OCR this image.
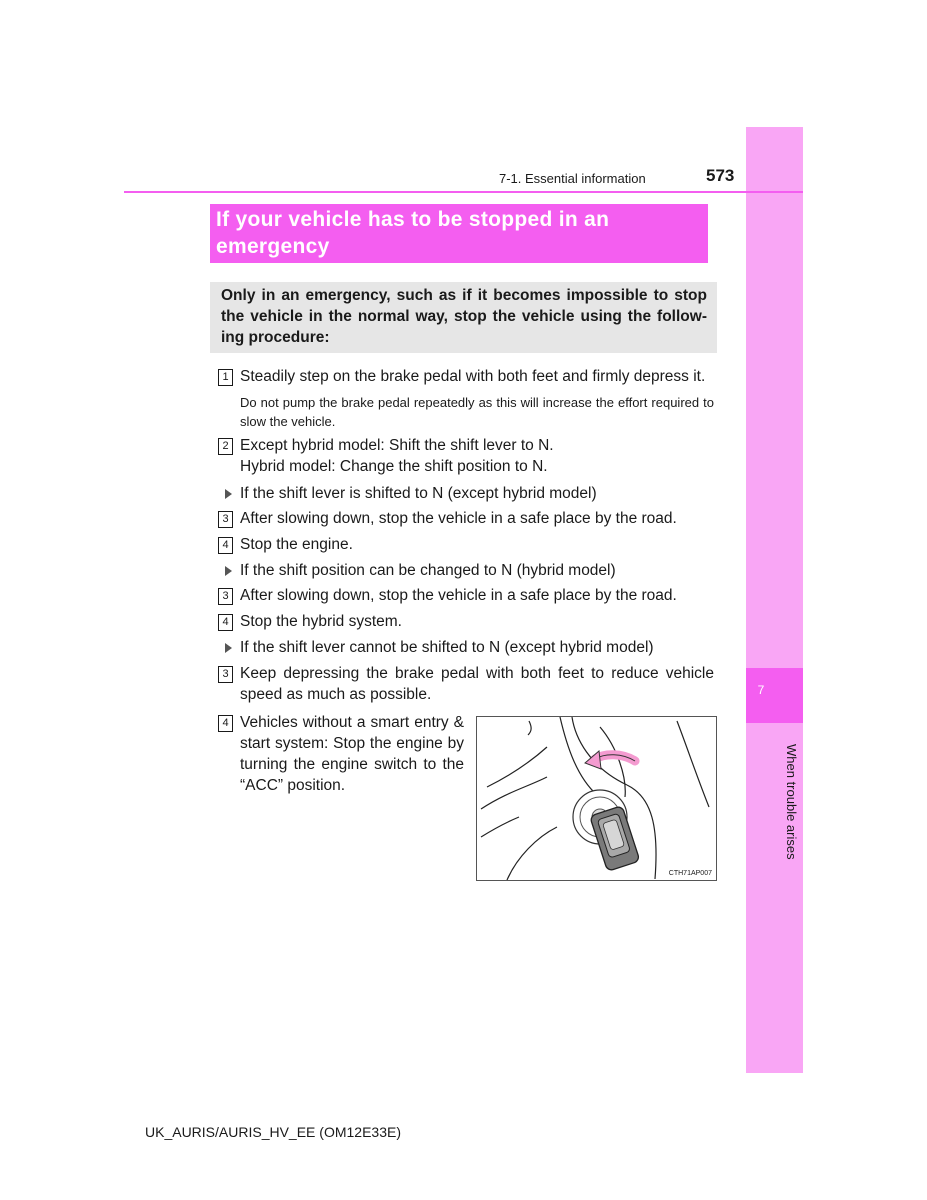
7
When trouble arises
7-1. Essential information	573
If your vehicle has to be stopped in an emergency
Only in an emergency, such as if it becomes impossible to stop the vehicle in the normal way, stop the vehicle using the follow-ing procedure:
1 Steadily step on the brake pedal with both feet and firmly depress it.
Do not pump the brake pedal repeatedly as this will increase the effort required to slow the vehicle.
2 Except hybrid model: Shift the shift lever to N.
Hybrid model: Change the shift position to N.
If the shift lever is shifted to N (except hybrid model)
3 After slowing down, stop the vehicle in a safe place by the road.
4 Stop the engine.
If the shift position can be changed to N (hybrid model)
3 After slowing down, stop the vehicle in a safe place by the road.
4 Stop the hybrid system.
If the shift lever cannot be shifted to N (except hybrid model)
3 Keep depressing the brake pedal with both feet to reduce vehicle speed as much as possible.
4 Vehicles without a smart entry & start system: Stop the engine by turning the engine switch to the “ACC” position.
CTH71AP007
UK_AURIS/AURIS_HV_EE (OM12E33E)
